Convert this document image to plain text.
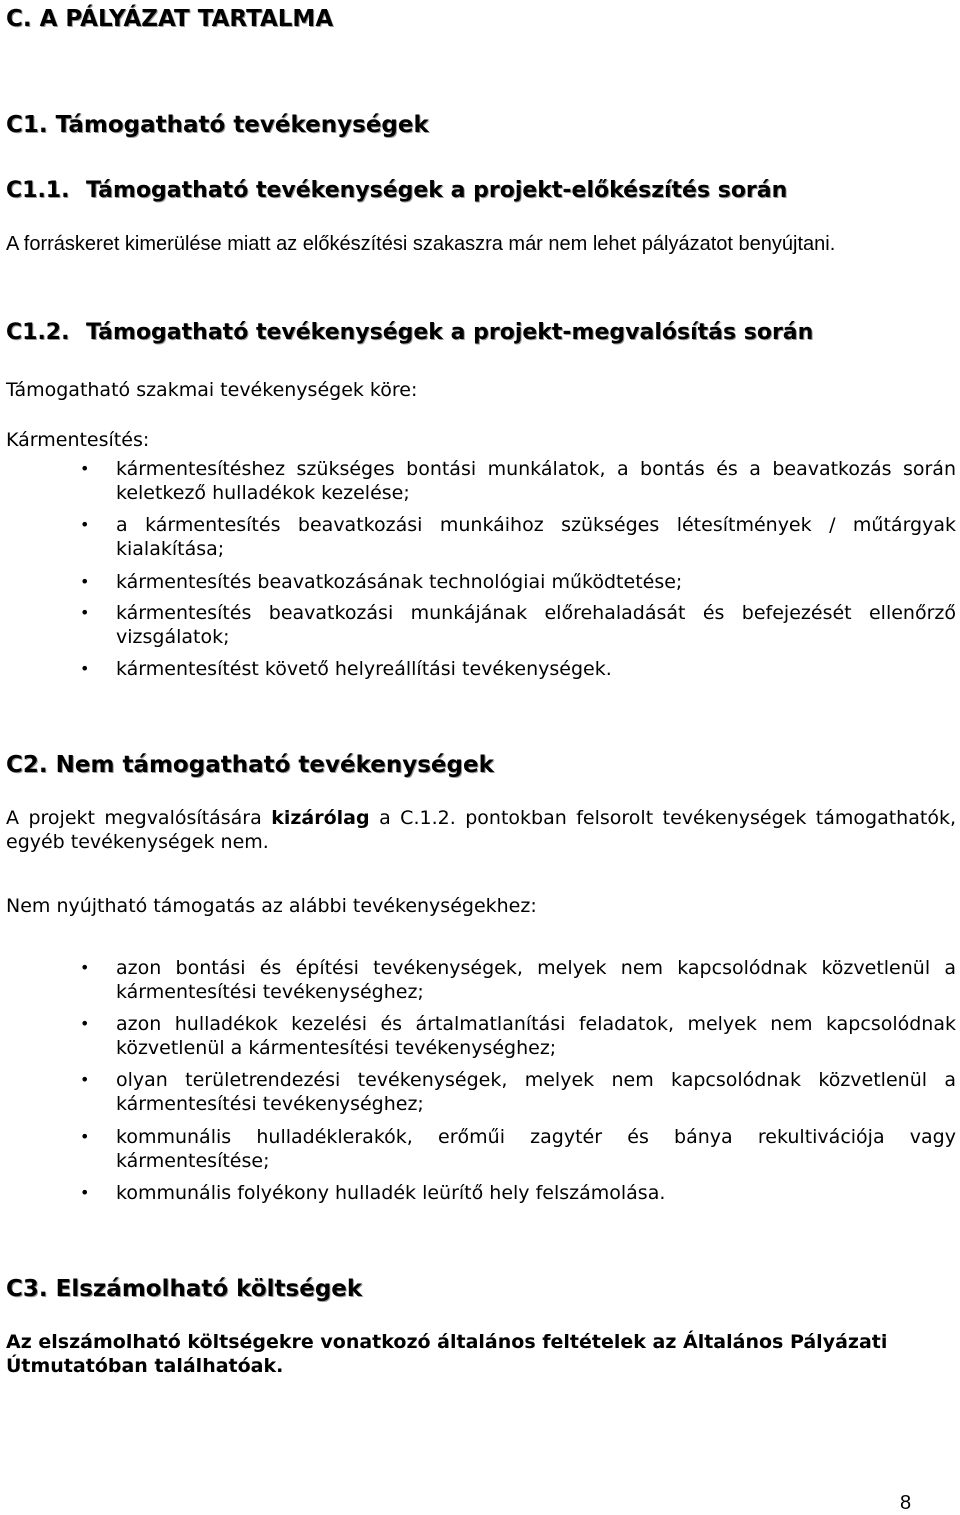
C. A PÁLYÁZAT TARTALMA
C1. Támogatható tevékenységek
C1.1. Támogatható tevékenységek a projekt-előkészítés során
A forráskeret kimerülése miatt az előkészítési szakaszra már nem lehet pályázatot benyújtani.
C1.2. Támogatható tevékenységek a projekt-megvalósítás során
Támogatható szakmai tevékenységek köre:
Kármentesítés:
• kármentesítéshez szükséges bontási munkálatok, a bontás és a beavatkozás során keletkező hulladékok kezelése;
• a kármentesítés beavatkozási munkáihoz szükséges létesítmények / műtárgyak kialakítása;
• kármentesítés beavatkozásának technológiai működtetése;
• kármentesítés beavatkozási munkájának előrehaladását és befejezését ellenőrző vizsgálatok;
• kármentesítést követő helyreállítási tevékenységek.
C2. Nem támogatható tevékenységek
A projekt megvalósítására kizárólag a C.1.2. pontokban felsorolt tevékenységek támogathatók, egyéb tevékenységek nem.
Nem nyújtható támogatás az alábbi tevékenységekhez:
• azon bontási és építési tevékenységek, melyek nem kapcsolódnak közvetlenül a kármentesítési tevékenységhez;
• azon hulladékok kezelési és ártalmatlanítási feladatok, melyek nem kapcsolódnak közvetlenül a kármentesítési tevékenységhez;
• olyan területrendezési tevékenységek, melyek nem kapcsolódnak közvetlenül a kármentesítési tevékenységhez;
• kommunális hulladéklerakók, erőműi zagytér és bánya rekultivációja vagy kármentesítése;
• kommunális folyékony hulladék leürítő hely felszámolása.
C3. Elszámolható költségek
Az elszámolható költségekre vonatkozó általános feltételek az Általános Pályázati Útmutatóban találhatóak.
8
